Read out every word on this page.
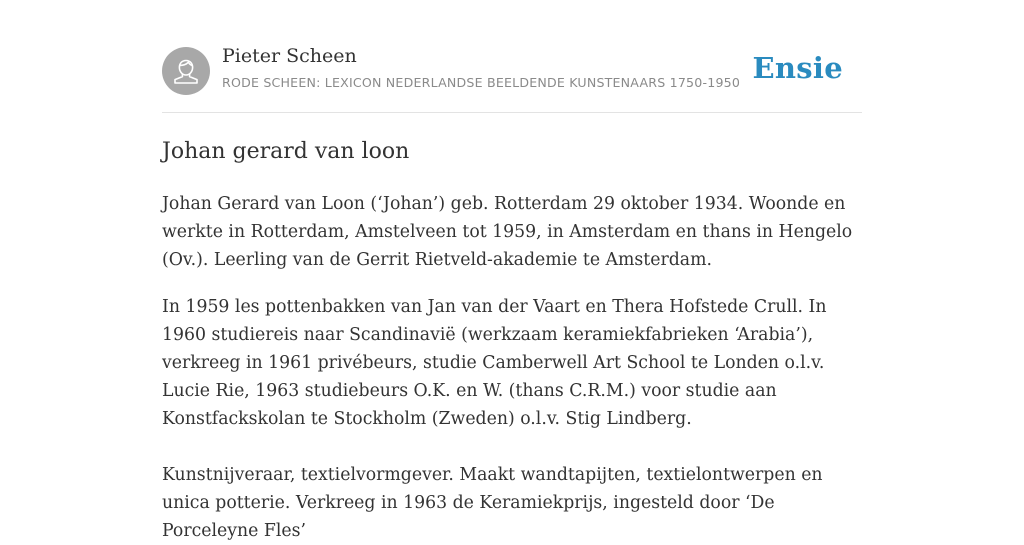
Pieter Scheen
RODE SCHEEN: LEXICON NEDERLANDSE BEELDENDE KUNSTENAARS 1750-1950 Ensie
Johan gerard van loon

Johan Gerard van Loon (‘Johan’) geb. Rotterdam 29 oktober 1934. Woonde en werkte in Rotterdam, Amstelveen tot 1959, in Amsterdam en thans in Hengelo (Ov.). Leerling van de Gerrit Rietveld-akademie te Amsterdam.

In 1959 les pottenbakken van Jan van der Vaart en Thera Hofstede Crull. In 1960 studiereis naar Scandinavië (werkzaam keramiekfabrieken ‘Arabia’), verkreeg in 1961 privébeurs, studie Camberwell Art School te Londen o.l.v. Lucie Rie, 1963 studiebeurs O.K. en W. (thans C.R.M.) voor studie aan Konstfackskolan te Stockholm (Zweden) o.l.v. Stig Lindberg.

Kunstnijveraar, textielvormgever. Maakt wandtapijten, textielontwerpen en unica potterie. Verkreeg in 1963 de Keramiekprijs, ingesteld door ‘De Porceleyne Fles’
